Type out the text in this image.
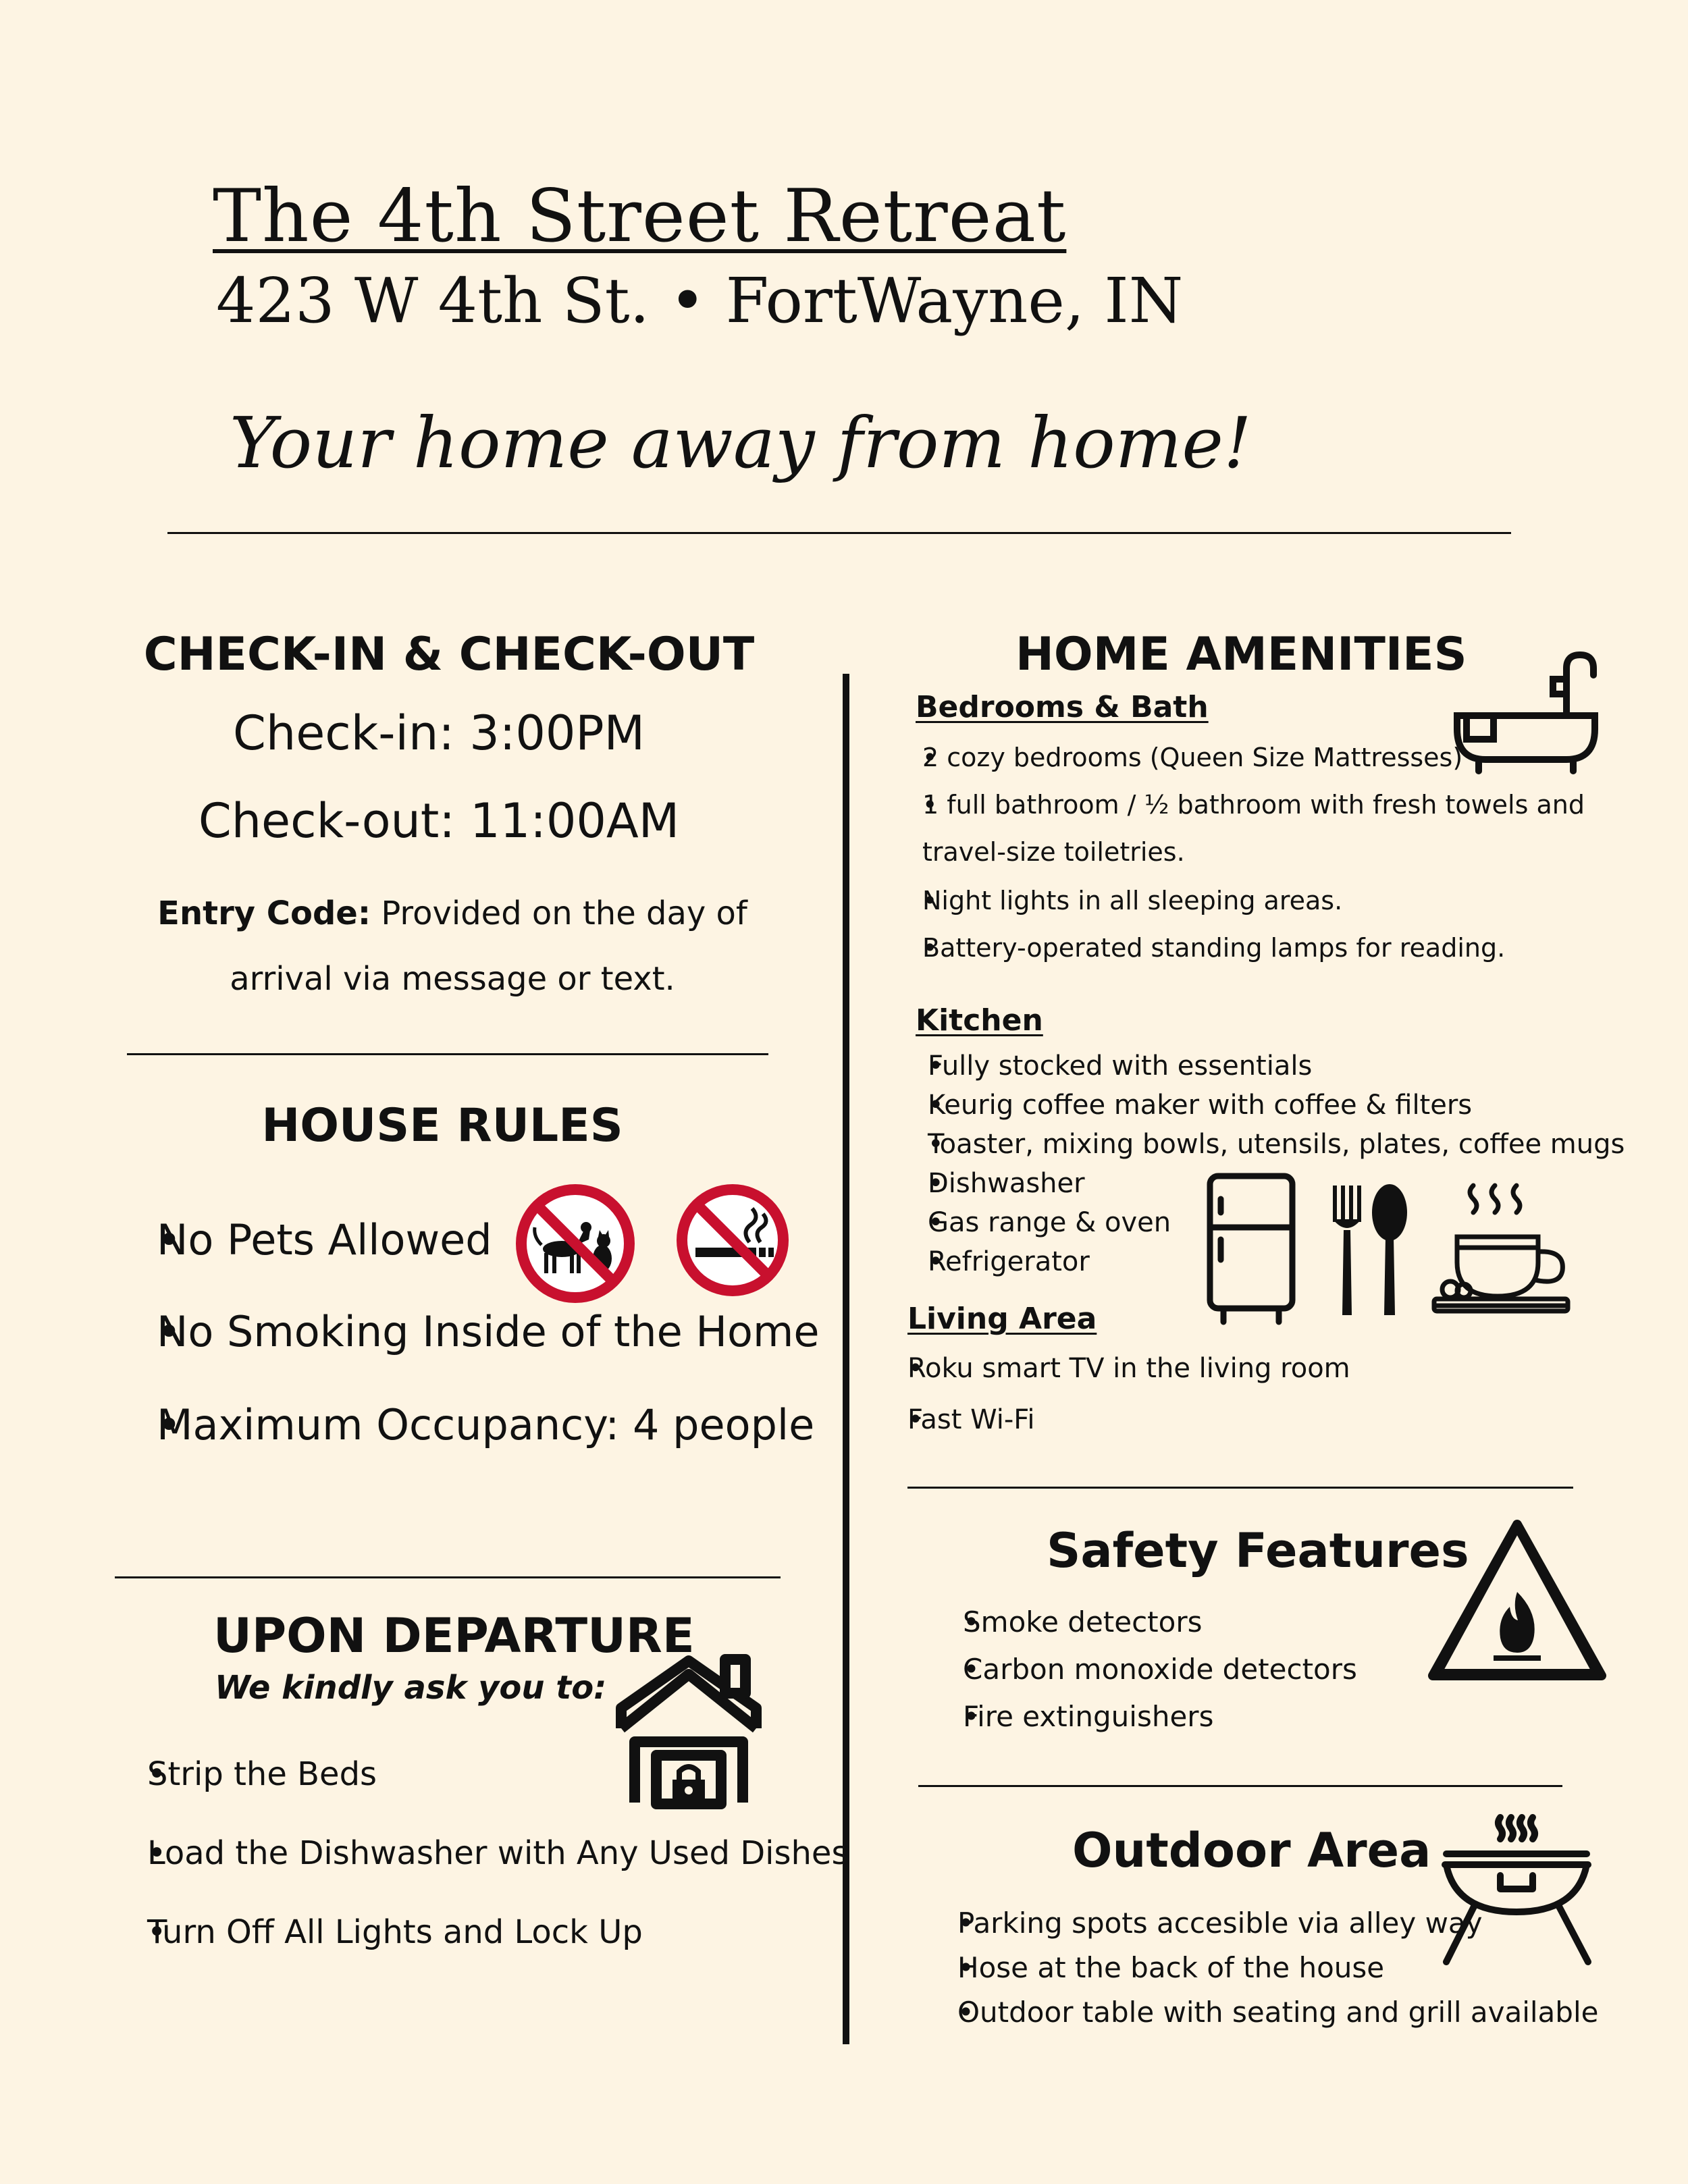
The 4th Street Retreat
423 W 4th St. • FortWayne, IN
Your home away from home!
CHECK-IN & CHECK-OUT
Check-in: 3:00PM
Check-out: 11:00AM
Entry Code: Provided on the day of
arrival via message or text.
HOUSE RULES
• No Pets Allowed
• No Smoking Inside of the Home
• Maximum Occupancy: 4 people
UPON DEPARTURE
We kindly ask you to:
• Strip the Beds
• Load the Dishwasher with Any Used Dishes
• Turn Off All Lights and Lock Up
HOME AMENITIES
Bedrooms & Bath
• 2 cozy bedrooms (Queen Size Mattresses)
• 1 full bathroom / ½ bathroom with fresh towels and
travel-size toiletries.
• Night lights in all sleeping areas.
• Battery-operated standing lamps for reading.
Kitchen
• Fully stocked with essentials
• Keurig coffee maker with coffee & filters
• Toaster, mixing bowls, utensils, plates, coffee mugs
• Dishwasher
• Gas range & oven
• Refrigerator
Living Area
• Roku smart TV in the living room
• Fast Wi-Fi
Safety Features
• Smoke detectors
• Carbon monoxide detectors
• Fire extinguishers
Outdoor Area
• Parking spots accesible via alley way
• Hose at the back of the house
• Outdoor table with seating and grill available
